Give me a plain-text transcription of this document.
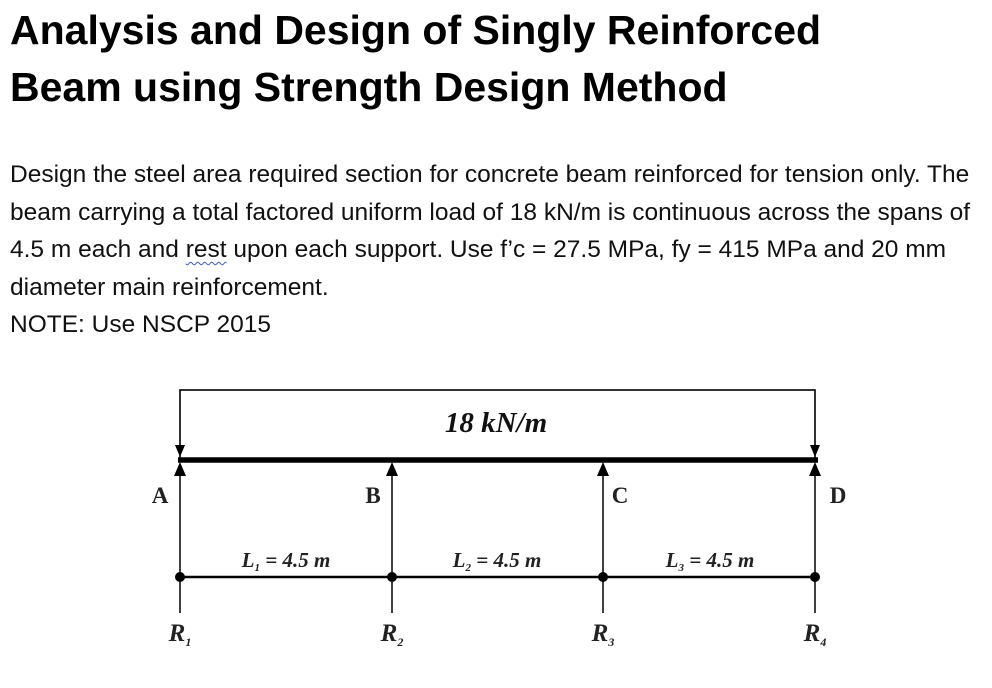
Analysis and Design of Singly Reinforced
Beam using Strength Design Method

Design the steel area required section for concrete beam reinforced for tension only. The beam carrying a total factored uniform load of 18 kN/m is continuous across the spans of 4.5 m each and rest upon each support. Use f’c = 27.5 MPa, fy = 415 MPa and 20 mm diameter main reinforcement.

NOTE: Use NSCP 2015

18 kN/m
A	B	C	D
L1 = 4.5 m	L2 = 4.5 m	L3 = 4.5 m
$R_1$	$R_2$	$R_3$	$R_4$
